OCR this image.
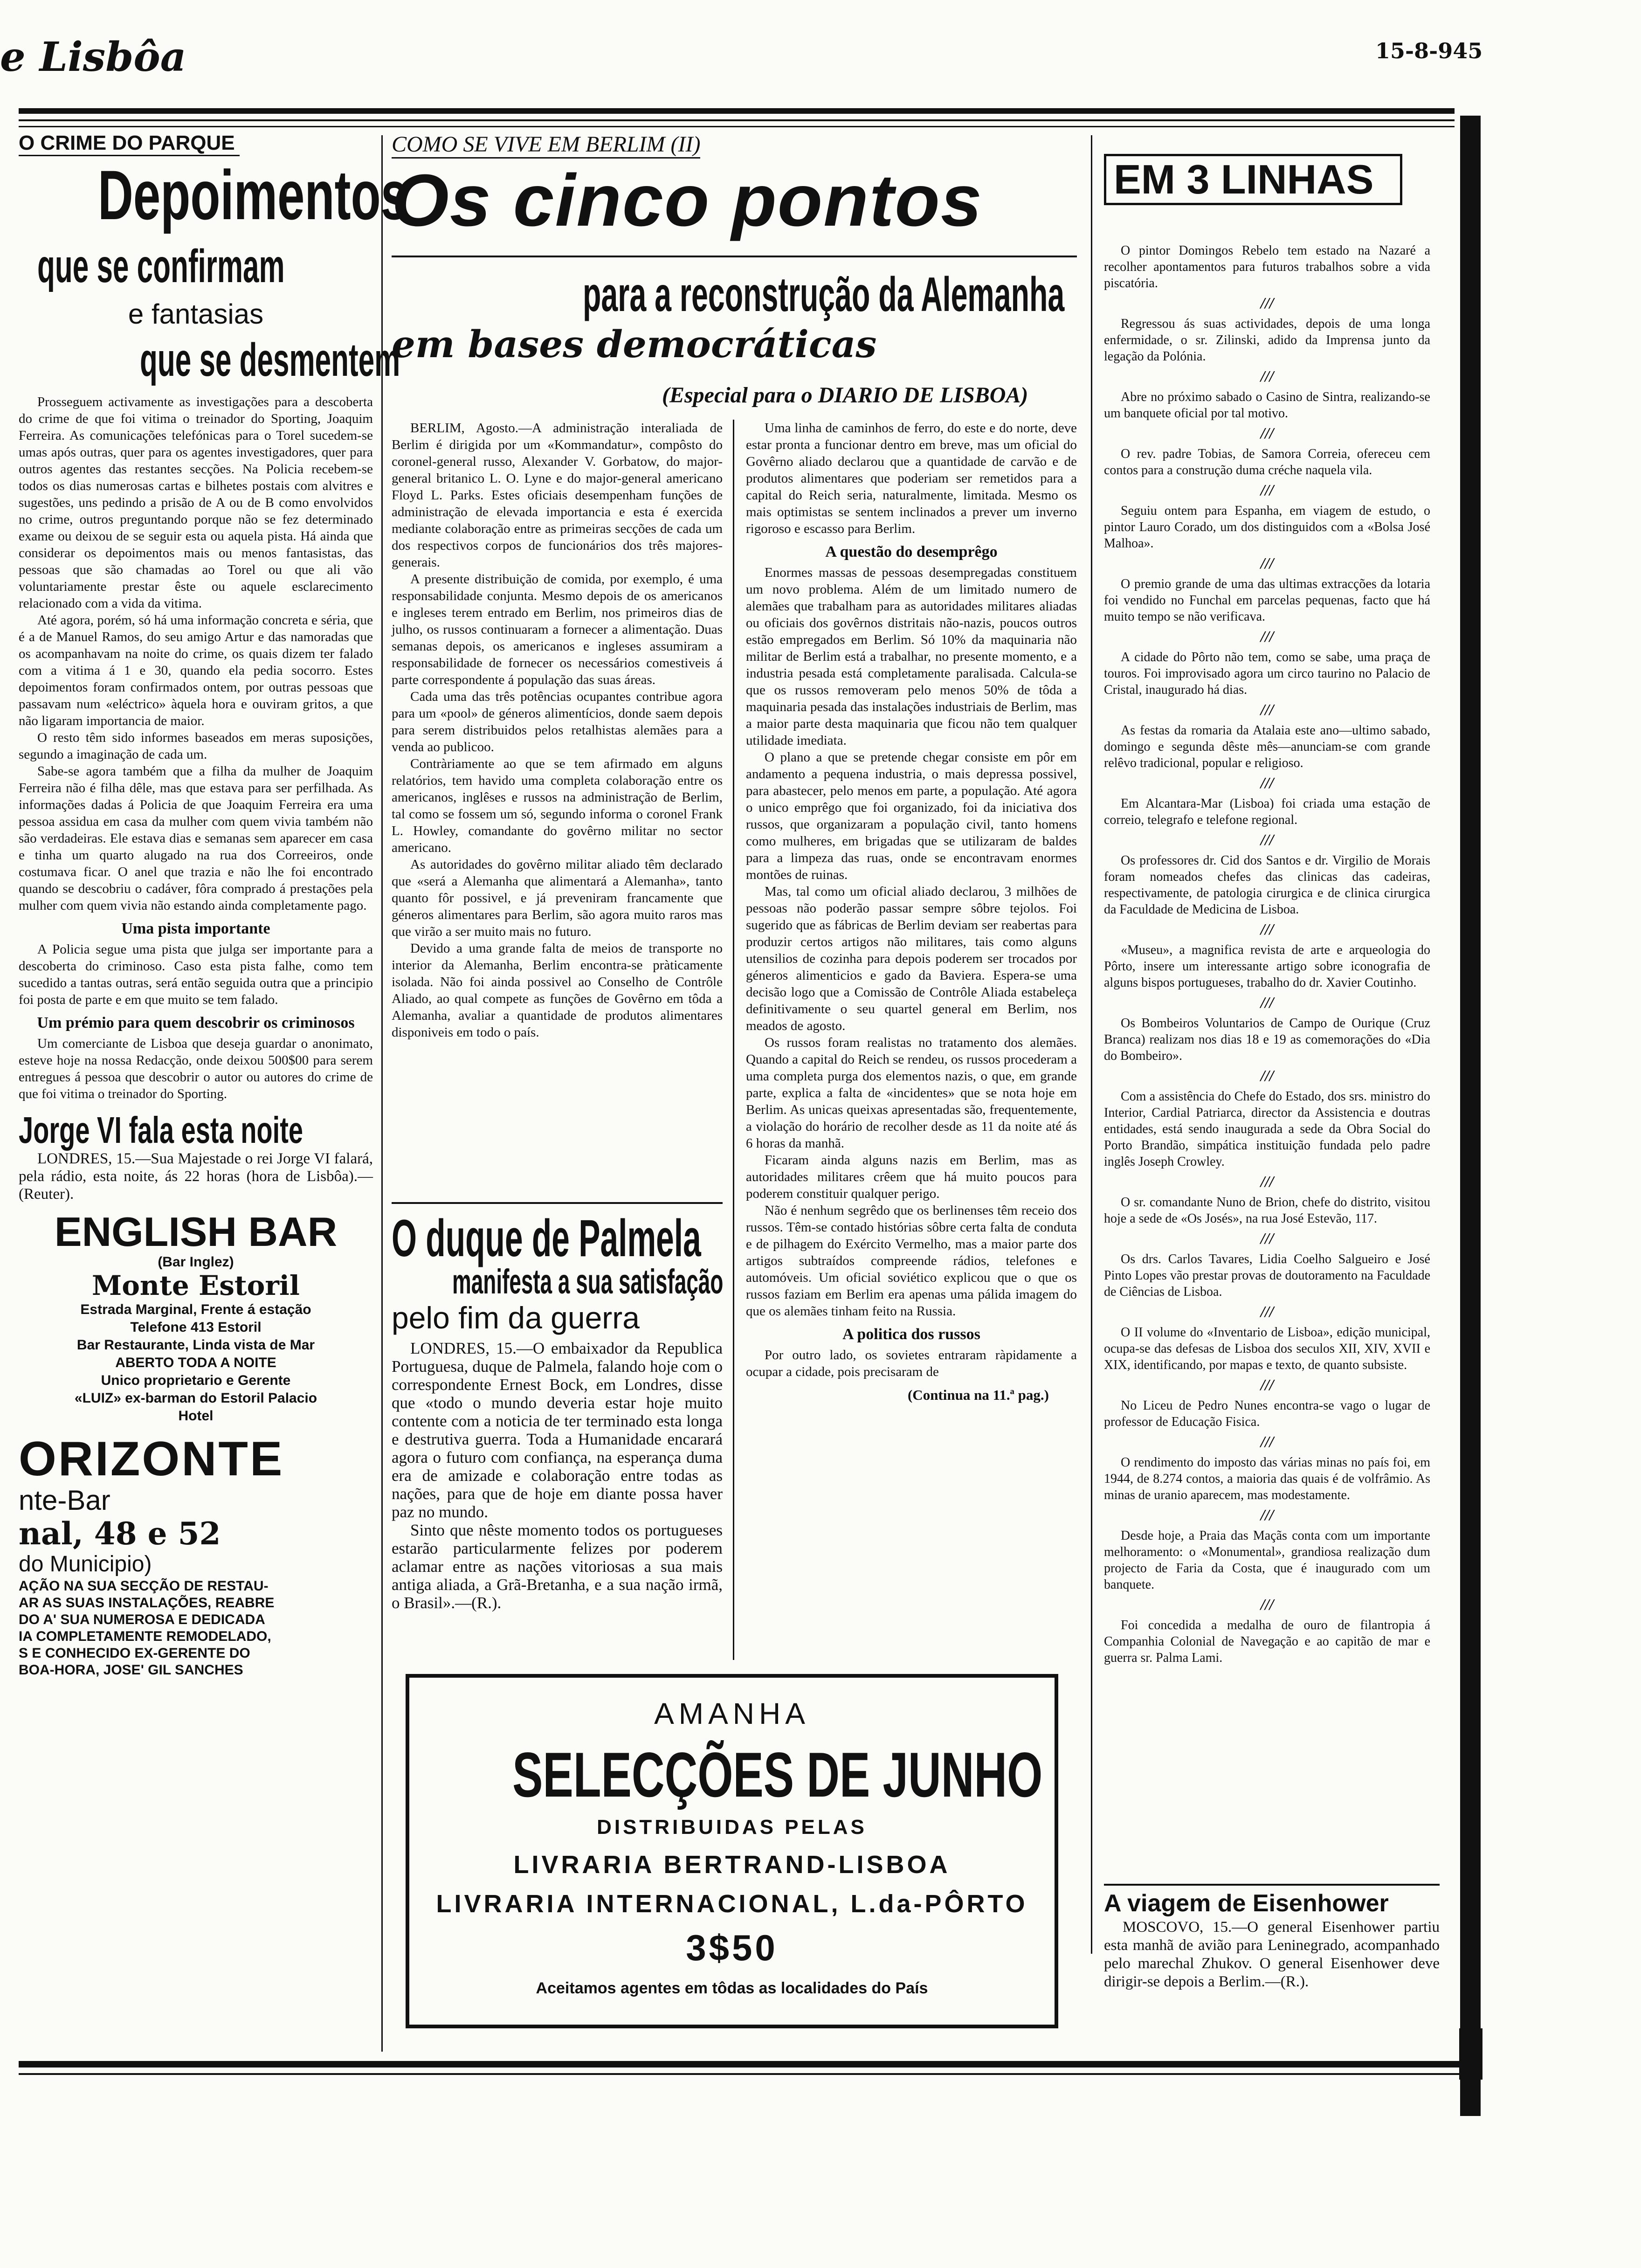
e Lisbôa	15-8-945
O CRIME DO PARQUE
Depoimentos
que se confirmam
e fantasias
que se desmentem

Prosseguem activamente as investigações para a descoberta do crime de que foi vitima o treinador do Sporting, Joaquim Ferreira. As comunicações telefónicas para o Torel sucedem-se umas após outras, quer para os agentes investigadores, quer para outros agentes das restantes secções. Na Policia recebem-se todos os dias numerosas cartas e bilhetes postais com alvitres e sugestões, uns pedindo a prisão de A ou de B como envolvidos no crime, outros preguntando porque não se fez determinado exame ou deixou de se seguir esta ou aquela pista. Há ainda que considerar os depoimentos mais ou menos fantasistas, das pessoas que são chamadas ao Torel ou que ali vão voluntariamente prestar êste ou aquele esclarecimento relacionado com a vida da vitima.

Até agora, porém, só há uma informação concreta e séria, que é a de Manuel Ramos, do seu amigo Artur e das namoradas que os acompanhavam na noite do crime, os quais dizem ter falado com a vitima á 1 e 30, quando ela pedia socorro. Estes depoimentos foram confirmados ontem, por outras pessoas que passavam num «eléctrico» àquela hora e ouviram gritos, a que não ligaram importancia de maior.

O resto têm sido informes baseados em meras suposições, segundo a imaginação de cada um.

Sabe-se agora também que a filha da mulher de Joaquim Ferreira não é filha dêle, mas que estava para ser perfilhada. As informações dadas á Policia de que Joaquim Ferreira era uma pessoa assidua em casa da mulher com quem vivia também não são verdadeiras. Ele estava dias e semanas sem aparecer em casa e tinha um quarto alugado na rua dos Correeiros, onde costumava ficar. O anel que trazia e não lhe foi encontrado quando se descobriu o cadáver, fôra comprado á prestações pela mulher com quem vivia não estando ainda completamente pago.

Uma pista importante

A Policia segue uma pista que julga ser importante para a descoberta do criminoso. Caso esta pista falhe, como tem sucedido a tantas outras, será então seguida outra que a principio foi posta de parte e em que muito se tem falado.

Um prémio para quem descobrir os criminosos

Um comerciante de Lisboa que deseja guardar o anonimato, esteve hoje na nossa Redacção, onde deixou 500$00 para serem entregues á pessoa que descobrir o autor ou autores do crime de que foi vitima o treinador do Sporting.

Jorge VI fala esta noite

LONDRES, 15.—Sua Majestade o rei Jorge VI falará, pela rádio, esta noite, ás 22 horas (hora de Lisbôa).—(Reuter).

ENGLISH BAR
(Bar Inglez)
Monte Estoril
Estrada Marginal, Frente á estação
Telefone 413 Estoril
Bar Restaurante, Linda vista de Mar
ABERTO TODA A NOITE
Unico proprietario e Gerente
«LUIZ» ex-barman do Estoril Palacio
Hotel
ORIZONTE
nte-Bar
nal, 48 e 52
do Municipio)
AÇÃO NA SUA SECÇÃO DE RESTAU-
AR AS SUAS INSTALAÇÕES, REABRE
DO A' SUA NUMEROSA E DEDICADA
IA COMPLETAMENTE REMODELADO,
S E CONHECIDO EX-GERENTE DO
BOA-HORA, JOSE' GIL SANCHES
COMO SE VIVE EM BERLIM (II)
Os cinco pontos
para a reconstrução da Alemanha
em bases democráticas
(Especial para o DIARIO DE LISBOA)

BERLIM, Agosto.—A administração interaliada de Berlim é dirigida por um «Kommandatur», compôsto do coronel-general russo, Alexander V. Gorbatow, do major-general britanico L. O. Lyne e do major-general americano Floyd L. Parks. Estes oficiais desempenham funções de administração de elevada importancia e esta é exercida mediante colaboração entre as primeiras secções de cada um dos respectivos corpos de funcionários dos três majores-generais.

A presente distribuição de comida, por exemplo, é uma responsabilidade conjunta. Mesmo depois de os americanos e ingleses terem entrado em Berlim, nos primeiros dias de julho, os russos continuaram a fornecer a alimentação. Duas semanas depois, os americanos e ingleses assumiram a responsabilidade de fornecer os necessários comestiveis á parte correspondente á população das suas áreas.

Cada uma das três potências ocupantes contribue agora para um «pool» de géneros alimentícios, donde saem depois para serem distribuidos pelos retalhistas alemães para a venda ao publicoo.

Contràriamente ao que se tem afirmado em alguns relatórios, tem havido uma completa colaboração entre os americanos, inglêses e russos na administração de Berlim, tal como se fossem um só, segundo informa o coronel Frank L. Howley, comandante do govêrno militar no sector americano.

As autoridades do govêrno militar aliado têm declarado que «será a Alemanha que alimentará a Alemanha», tanto quanto fôr possivel, e já preveniram francamente que géneros alimentares para Berlim, são agora muito raros mas que virão a ser muito mais no futuro.

Devido a uma grande falta de meios de transporte no interior da Alemanha, Berlim encontra-se pràticamente isolada. Não foi ainda possivel ao Conselho de Contrôle Aliado, ao qual compete as funções de Govêrno em tôda a Alemanha, avaliar a quantidade de produtos alimentares disponiveis em todo o país.

O duque de Palmela
manifesta a sua satisfação
pelo fim da guerra

LONDRES, 15.—O embaixador da Republica Portuguesa, duque de Palmela, falando hoje com o correspondente Ernest Bock, em Londres, disse que «todo o mundo deveria estar hoje muito contente com a noticia de ter terminado esta longa e destrutiva guerra. Toda a Humanidade encarará agora o futuro com confiança, na esperança duma era de amizade e colaboração entre todas as nações, para que de hoje em diante possa haver paz no mundo.

Sinto que nêste momento todos os portugueses estarão particularmente felizes por poderem aclamar entre as nações vitoriosas a sua mais antiga aliada, a Grã-Bretanha, e a sua nação irmã, o Brasil».—(R.).

Uma linha de caminhos de ferro, do este e do norte, deve estar pronta a funcionar dentro em breve, mas um oficial do Govêrno aliado declarou que a quantidade de carvão e de produtos alimentares que poderiam ser remetidos para a capital do Reich seria, naturalmente, limitada. Mesmo os mais optimistas se sentem inclinados a prever um inverno rigoroso e escasso para Berlim.

A questão do desemprêgo

Enormes massas de pessoas desempregadas constituem um novo problema. Além de um limitado numero de alemães que trabalham para as autoridades militares aliadas ou oficiais dos govêrnos distritais não-nazis, poucos outros estão empregados em Berlim. Só 10% da maquinaria não militar de Berlim está a trabalhar, no presente momento, e a industria pesada está completamente paralisada. Calcula-se que os russos removeram pelo menos 50% de tôda a maquinaria pesada das instalações industriais de Berlim, mas a maior parte desta maquinaria que ficou não tem qualquer utilidade imediata.

O plano a que se pretende chegar consiste em pôr em andamento a pequena industria, o mais depressa possivel, para abastecer, pelo menos em parte, a população. Até agora o unico emprêgo que foi organizado, foi da iniciativa dos russos, que organizaram a população civil, tanto homens como mulheres, em brigadas que se utilizaram de baldes para a limpeza das ruas, onde se encontravam enormes montões de ruinas.

Mas, tal como um oficial aliado declarou, 3 milhões de pessoas não poderão passar sempre sôbre tejolos. Foi sugerido que as fábricas de Berlim deviam ser reabertas para produzir certos artigos não militares, tais como alguns utensilios de cozinha para depois poderem ser trocados por géneros alimenticios e gado da Baviera. Espera-se uma decisão logo que a Comissão de Contrôle Aliada estabeleça definitivamente o seu quartel general em Berlim, nos meados de agosto.

Os russos foram realistas no tratamento dos alemães. Quando a capital do Reich se rendeu, os russos procederam a uma completa purga dos elementos nazis, o que, em grande parte, explica a falta de «incidentes» que se nota hoje em Berlim. As unicas queixas apresentadas são, frequentemente, a violação do horário de recolher desde as 11 da noite até ás 6 horas da manhã.

Ficaram ainda alguns nazis em Berlim, mas as autoridades militares crêem que há muito poucos para poderem constituir qualquer perigo.

Não é nenhum segrêdo que os berlinenses têm receio dos russos. Têm-se contado histórias sôbre certa falta de conduta e de pilhagem do Exército Vermelho, mas a maior parte dos artigos subtraídos compreende rádios, telefones e automóveis. Um oficial soviético explicou que o que os russos faziam em Berlim era apenas uma pálida imagem do que os alemães tinham feito na Russia.

A politica dos russos

Por outro lado, os sovietes entraram ràpidamente a ocupar a cidade, pois precisaram de

(Continua na 11.ª pag.)
AMANHA
SELECÇÕES DE JUNHO
DISTRIBUIDAS PELAS
LIVRARIA BERTRAND-LISBOA
LIVRARIA INTERNACIONAL, L.da-PÔRTO
3$50
Aceitamos agentes em tôdas as localidades do País
EM 3 LINHAS

O pintor Domingos Rebelo tem estado na Nazaré a recolher apontamentos para futuros trabalhos sobre a vida piscatória.

///

Regressou ás suas actividades, depois de uma longa enfermidade, o sr. Zilinski, adido da Imprensa junto da legação da Polónia.

///

Abre no próximo sabado o Casino de Sintra, realizando-se um banquete oficial por tal motivo.

///

O rev. padre Tobias, de Samora Correia, ofereceu cem contos para a construção duma créche naquela vila.

///

Seguiu ontem para Espanha, em viagem de estudo, o pintor Lauro Corado, um dos distinguidos com a «Bolsa José Malhoa».

///

O premio grande de uma das ultimas extracções da lotaria foi vendido no Funchal em parcelas pequenas, facto que há muito tempo se não verificava.

///

A cidade do Pôrto não tem, como se sabe, uma praça de touros. Foi improvisado agora um circo taurino no Palacio de Cristal, inaugurado há dias.

///

As festas da romaria da Atalaia este ano—ultimo sabado, domingo e segunda dêste mês—anunciam-se com grande relêvo tradicional, popular e religioso.

///

Em Alcantara-Mar (Lisboa) foi criada uma estação de correio, telegrafo e telefone regional.

///

Os professores dr. Cid dos Santos e dr. Virgilio de Morais foram nomeados chefes das clinicas das cadeiras, respectivamente, de patologia cirurgica e de clinica cirurgica da Faculdade de Medicina de Lisboa.

///

«Museu», a magnifica revista de arte e arqueologia do Pôrto, insere um interessante artigo sobre iconografia de alguns bispos portugueses, trabalho do dr. Xavier Coutinho.

///

Os Bombeiros Voluntarios de Campo de Ourique (Cruz Branca) realizam nos dias 18 e 19 as comemorações do «Dia do Bombeiro».

///

Com a assistência do Chefe do Estado, dos srs. ministro do Interior, Cardial Patriarca, director da Assistencia e doutras entidades, está sendo inaugurada a sede da Obra Social do Porto Brandão, simpática instituição fundada pelo padre inglês Joseph Crowley.

///

O sr. comandante Nuno de Brion, chefe do distrito, visitou hoje a sede de «Os Josés», na rua José Estevão, 117.

///

Os drs. Carlos Tavares, Lidia Coelho Salgueiro e José Pinto Lopes vão prestar provas de doutoramento na Faculdade de Ciências de Lisboa.

///

O II volume do «Inventario de Lisboa», edição municipal, ocupa-se das defesas de Lisboa dos seculos XII, XIV, XVII e XIX, identificando, por mapas e texto, de quanto subsiste.

///

No Liceu de Pedro Nunes encontra-se vago o lugar de professor de Educação Fisica.

///

O rendimento do imposto das várias minas no país foi, em 1944, de 8.274 contos, a maioria das quais é de volfrâmio. As minas de uranio aparecem, mas modestamente.

///

Desde hoje, a Praia das Maçãs conta com um importante melhoramento: o «Monumental», grandiosa realização dum projecto de Faria da Costa, que é inaugurado com um banquete.

///

Foi concedida a medalha de ouro de filantropia á Companhia Colonial de Navegação e ao capitão de mar e guerra sr. Palma Lami.

A viagem de Eisenhower

MOSCOVO, 15.—O general Eisenhower partiu esta manhã de avião para Leninegrado, acompanhado pelo marechal Zhukov. O general Eisenhower deve dirigir-se depois a Berlim.—(R.).
